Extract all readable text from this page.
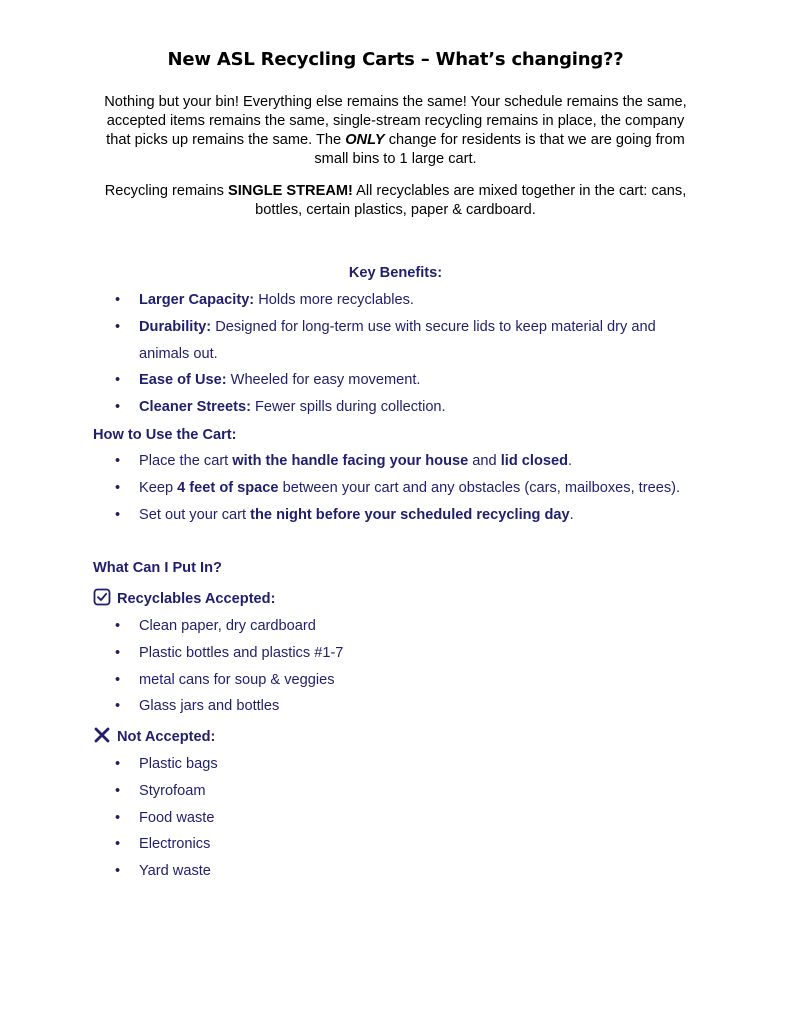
New ASL Recycling Carts – What’s changing??
Nothing but your bin! Everything else remains the same! Your schedule remains the same, accepted items remains the same, single-stream recycling remains in place, the company that picks up remains the same. The ONLY change for residents is that we are going from small bins to 1 large cart.
Recycling remains SINGLE STREAM! All recyclables are mixed together in the cart: cans, bottles, certain plastics, paper & cardboard.
Key Benefits:
• Larger Capacity: Holds more recyclables.
• Durability: Designed for long-term use with secure lids to keep material dry and animals out.
• Ease of Use: Wheeled for easy movement.
• Cleaner Streets: Fewer spills during collection.
How to Use the Cart:
• Place the cart with the handle facing your house and lid closed.
• Keep 4 feet of space between your cart and any obstacles (cars, mailboxes, trees).
• Set out your cart the night before your scheduled recycling day.
What Can I Put In?
Recyclables Accepted:
• Clean paper, dry cardboard
• Plastic bottles and plastics #1-7
• metal cans for soup & veggies
• Glass jars and bottles
Not Accepted:
• Plastic bags
• Styrofoam
• Food waste
• Electronics
• Yard waste
